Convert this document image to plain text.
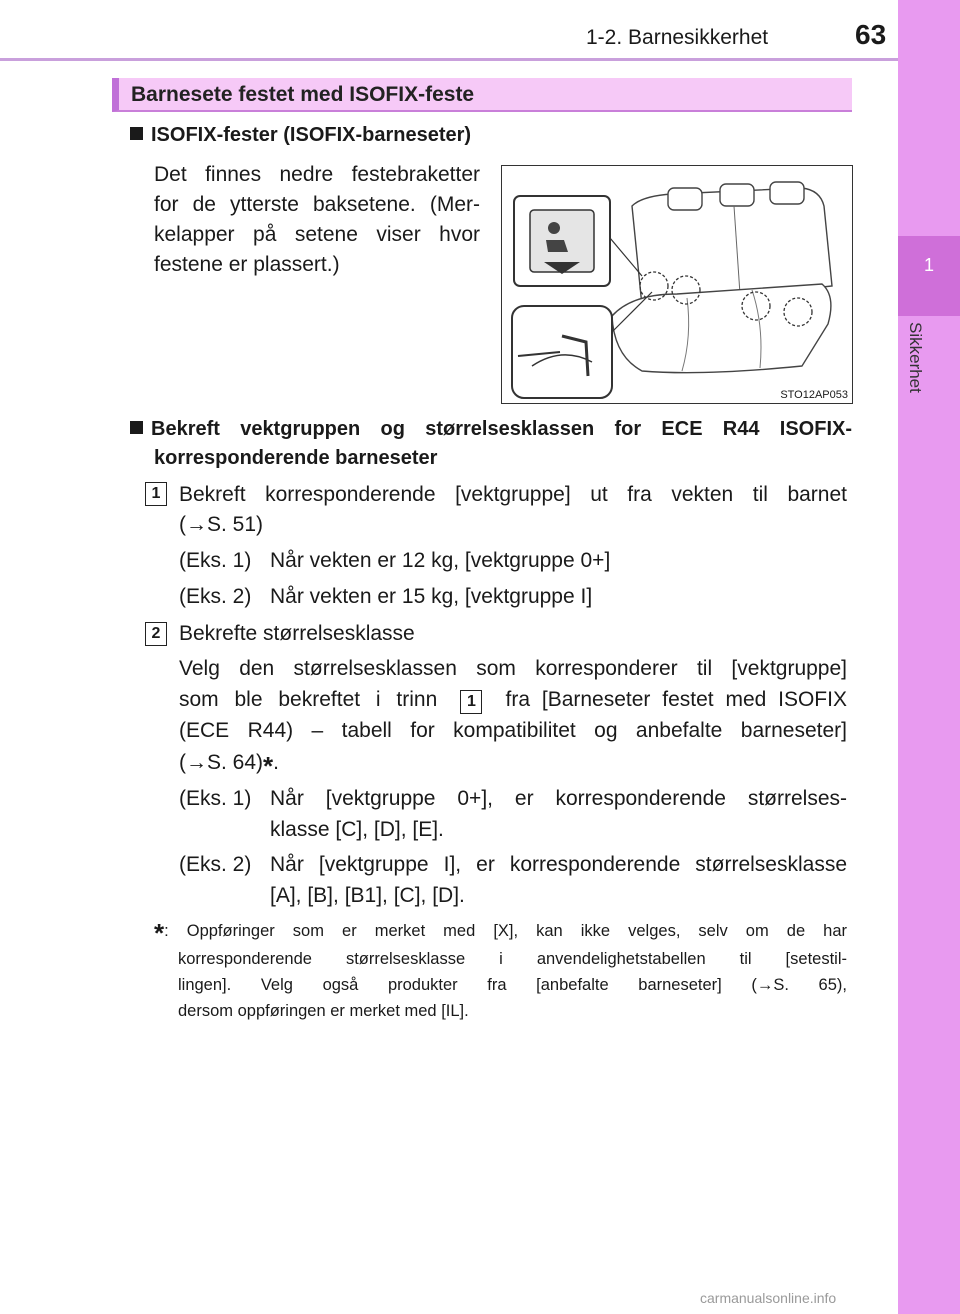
1-2. Barnesikkerhet	63
1
Sikkerhet
Barnesete festet med ISOFIX-feste
ISOFIX-fester (ISOFIX-barneseter)
Det finnes nedre festebraketter
for de ytterste baksetene. (Mer-
kelapper på setene viser hvor
festene er plassert.)
STO12AP053
Bekreft vektgruppen og størrelsesklassen for ECE R44 ISOFIX-
korresponderende barneseter
1 Bekreft korresponderende [vektgruppe] ut fra vekten til barnet
(→S. 51)
(Eks. 1) Når vekten er 12 kg, [vektgruppe 0+]
(Eks. 2) Når vekten er 15 kg, [vektgruppe I]
2 Bekrefte størrelsesklasse
Velg den størrelsesklassen som korresponderer til [vektgruppe]
som ble bekreftet i trinn	1	fra [Barneseter festet med ISOFIX
(ECE R44) – tabell for kompatibilitet og anbefalte barneseter]
(→S. 64)*.
(Eks. 1) Når [vektgruppe 0+], er korresponderende størrelses-
klasse [C], [D], [E].
(Eks. 2) Når [vektgruppe I], er korresponderende størrelsesklasse
[A], [B], [B1], [C], [D].
*: Oppføringer som er merket med [X], kan ikke velges, selv om de har
korresponderende størrelsesklasse i anvendelighetstabellen til [setestil-
lingen]. Velg også produkter fra [anbefalte barneseter] (→S. 65),
dersom oppføringen er merket med [IL].
carmanualsonline.info
